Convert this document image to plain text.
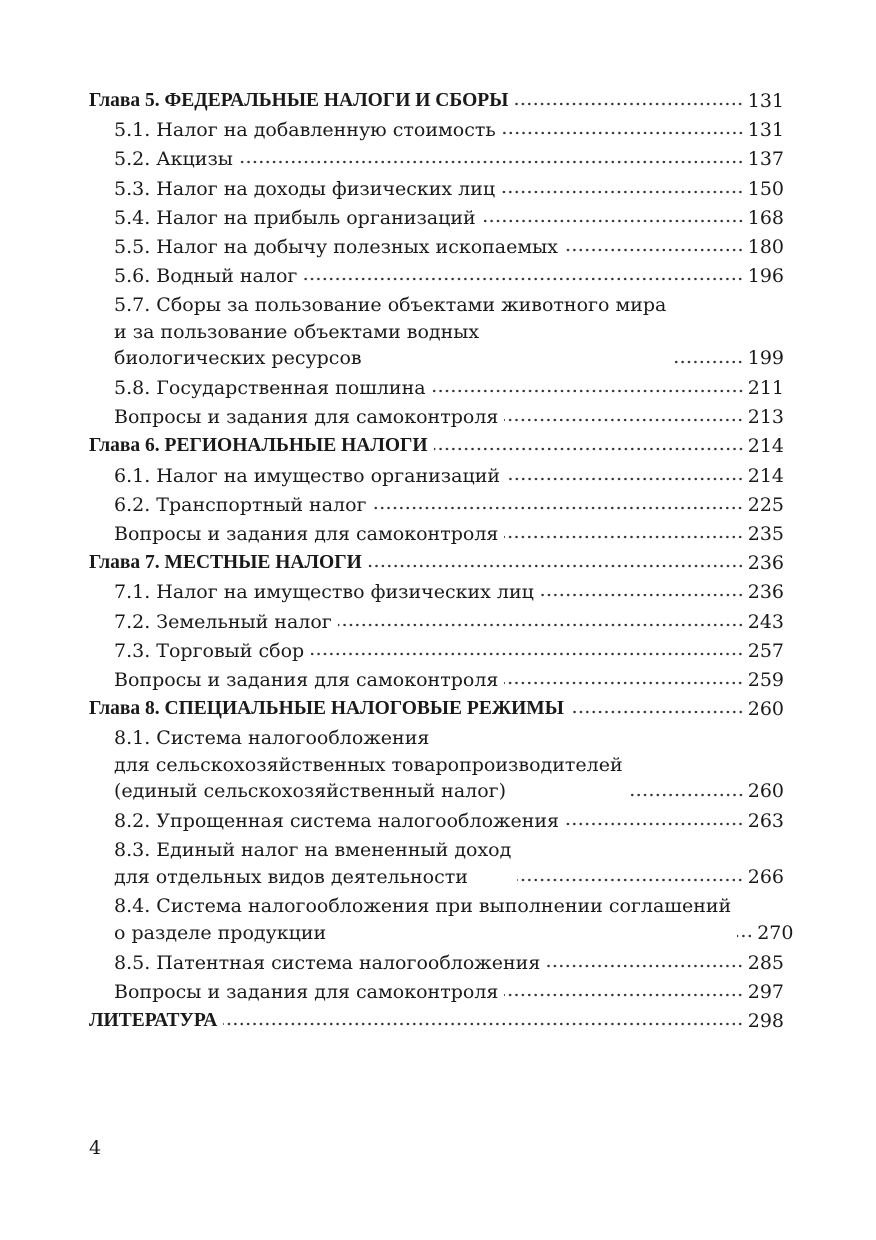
Глава 5. ФЕДЕРАЛЬНЫЕ НАЛОГИ И СБОРЫ	131
5.1. Налог на добавленную стоимость	131
5.2. Акцизы	137
5.3. Налог на доходы физических лиц	150
5.4. Налог на прибыль организаций	168
5.5. Налог на добычу полезных ископаемых	180
5.6. Водный налог	196
5.7. Сборы за пользование объектами животного мира
и за пользование объектами водных
биологических ресурсов	199
5.8. Государственная пошлина	211
Вопросы и задания для самоконтроля	213
Глава 6. РЕГИОНАЛЬНЫЕ НАЛОГИ	214
6.1. Налог на имущество организаций	214
6.2. Транспортный налог	225
Вопросы и задания для самоконтроля	235
Глава 7. МЕСТНЫЕ НАЛОГИ	236
7.1. Налог на имущество физических лиц	236
7.2. Земельный налог	243
7.3. Торговый сбор	257
Вопросы и задания для самоконтроля	259
Глава 8. СПЕЦИАЛЬНЫЕ НАЛОГОВЫЕ РЕЖИМЫ	260
8.1. Система налогообложения
для сельскохозяйственных товаропроизводителей
(единый сельскохозяйственный налог)	260
8.2. Упрощенная система налогообложения	263
8.3. Единый налог на вмененный доход
для отдельных видов деятельности	266
8.4. Система налогообложения при выполнении соглашений
о разделе продукции	270
8.5. Патентная система налогообложения	285
Вопросы и задания для самоконтроля	297
ЛИТЕРАТУРА	298
4
